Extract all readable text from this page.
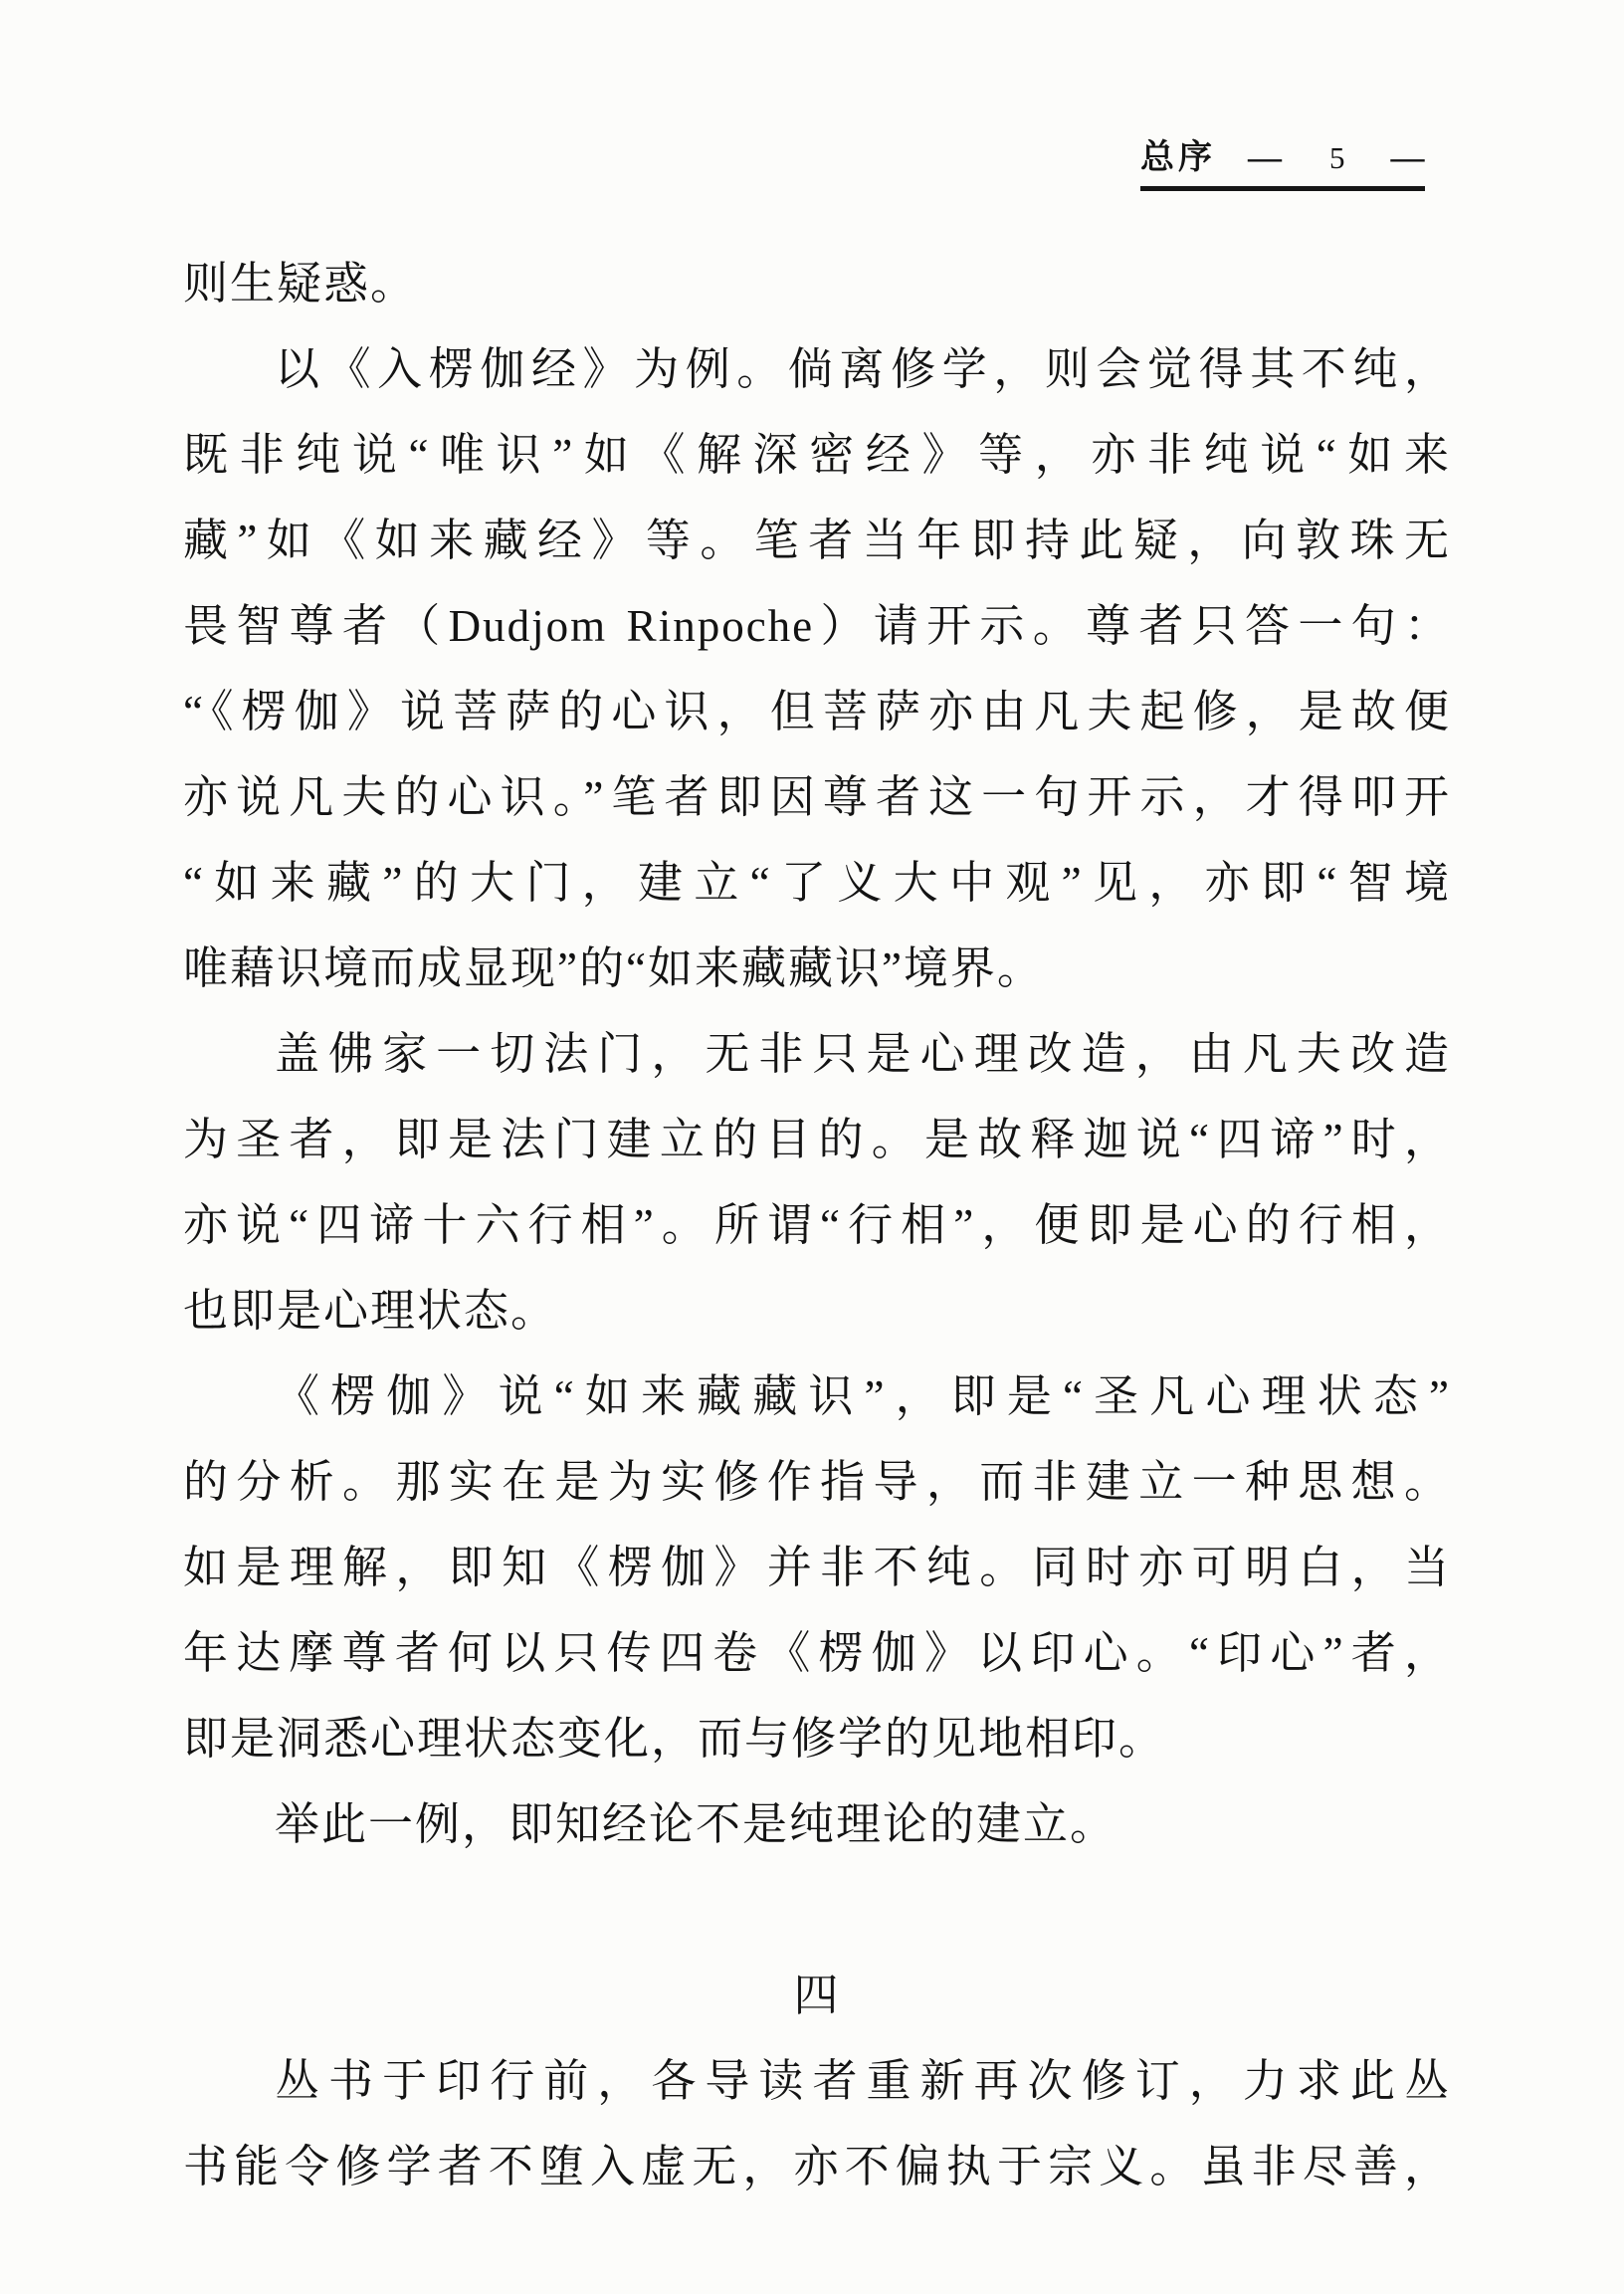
总序 — 5 —
则生疑惑。
以《入楞伽经》为例。倘离修学，则会觉得其不纯，
既非纯说“唯识”如《解深密经》等，亦非纯说“如来
藏”如《如来藏经》等。笔者当年即持此疑，向敦珠无
畏智尊者（Dudjom Rinpoche）请开示。尊者只答一句：
“《楞伽》说菩萨的心识，但菩萨亦由凡夫起修，是故便
亦说凡夫的心识。”笔者即因尊者这一句开示，才得叩开
“如来藏”的大门，建立“了义大中观”见，亦即“智境
唯藉识境而成显现”的“如来藏藏识”境界。
盖佛家一切法门，无非只是心理改造，由凡夫改造
为圣者，即是法门建立的目的。是故释迦说“四谛”时，
亦说“四谛十六行相”。所谓“行相”，便即是心的行相，
也即是心理状态。
《楞伽》说“如来藏藏识”，即是“圣凡心理状态”
的分析。那实在是为实修作指导，而非建立一种思想。
如是理解，即知《楞伽》并非不纯。同时亦可明白，当
年达摩尊者何以只传四卷《楞伽》以印心。“印心”者，
即是洞悉心理状态变化，而与修学的见地相印。
举此一例，即知经论不是纯理论的建立。
四
丛书于印行前，各导读者重新再次修订，力求此丛
书能令修学者不堕入虚无，亦不偏执于宗义。虽非尽善，
